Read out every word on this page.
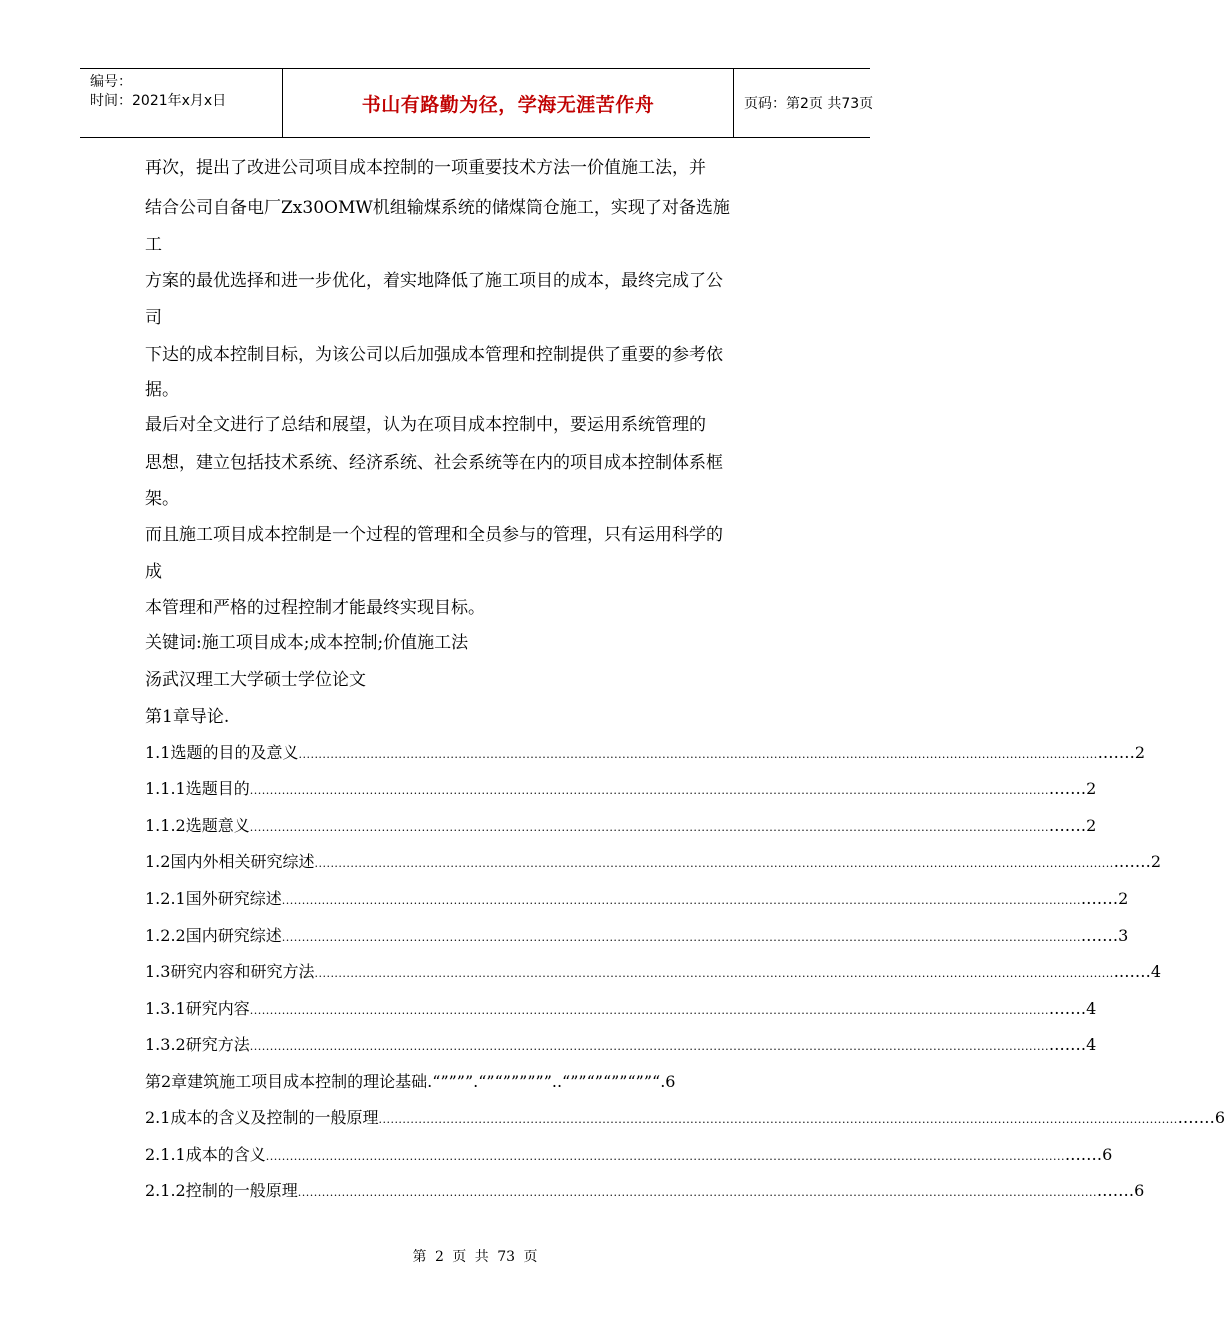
编号：
时间：2021年x月x日	书山有路勤为径，学海无涯苦作舟	页码：第2页 共73页
再次，提出了改进公司项目成本控制的一项重要技术方法一价值施工法，并
结合公司自备电厂Zx30OMW机组输煤系统的储煤筒仓施工，实现了对备选施
工
方案的最优选择和进一步优化，着实地降低了施工项目的成本，最终完成了公
司
下达的成本控制目标，为该公司以后加强成本管理和控制提供了重要的参考依
据。
最后对全文进行了总结和展望，认为在项目成本控制中，要运用系统管理的
思想，建立包括技术系统、经济系统、社会系统等在内的项目成本控制体系框
架。
而且施工项目成本控制是一个过程的管理和全员参与的管理，只有运用科学的
成
本管理和严格的过程控制才能最终实现目标。
关键词:施工项目成本;成本控制;价值施工法
汤武汉理工大学硕士学位论文
第1章导论.
1.1选题的目的及意义 ........................................................................................................................................................................................................ .……2
1.1.1选题目的 ........................................................................................................................................................................................................ .……2
1.1.2选题意义 ........................................................................................................................................................................................................ .……2
1.2国内外相关研究综述 ........................................................................................................................................................................................................ .……2
1.2.1国外研究综述 ........................................................................................................................................................................................................ .……2
1.2.2国内研究综述 ........................................................................................................................................................................................................ .……3
1.3研究内容和研究方法 ........................................................................................................................................................................................................ .……4
1.3.1研究内容 ........................................................................................................................................................................................................ .……4
1.3.2研究方法 ........................................................................................................................................................................................................ .……4
第2章建筑施工项目成本控制的理论基础.“””””.“”“””””””..“””“”“””“””“.6
2.1成本的含义及控制的一般原理 ........................................................................................................................................................................................................ .……6
2.1.1成本的含义 ........................................................................................................................................................................................................ .……6
2.1.2控制的一般原理 ........................................................................................................................................................................................................ .……6
第 2 页 共 73 页
